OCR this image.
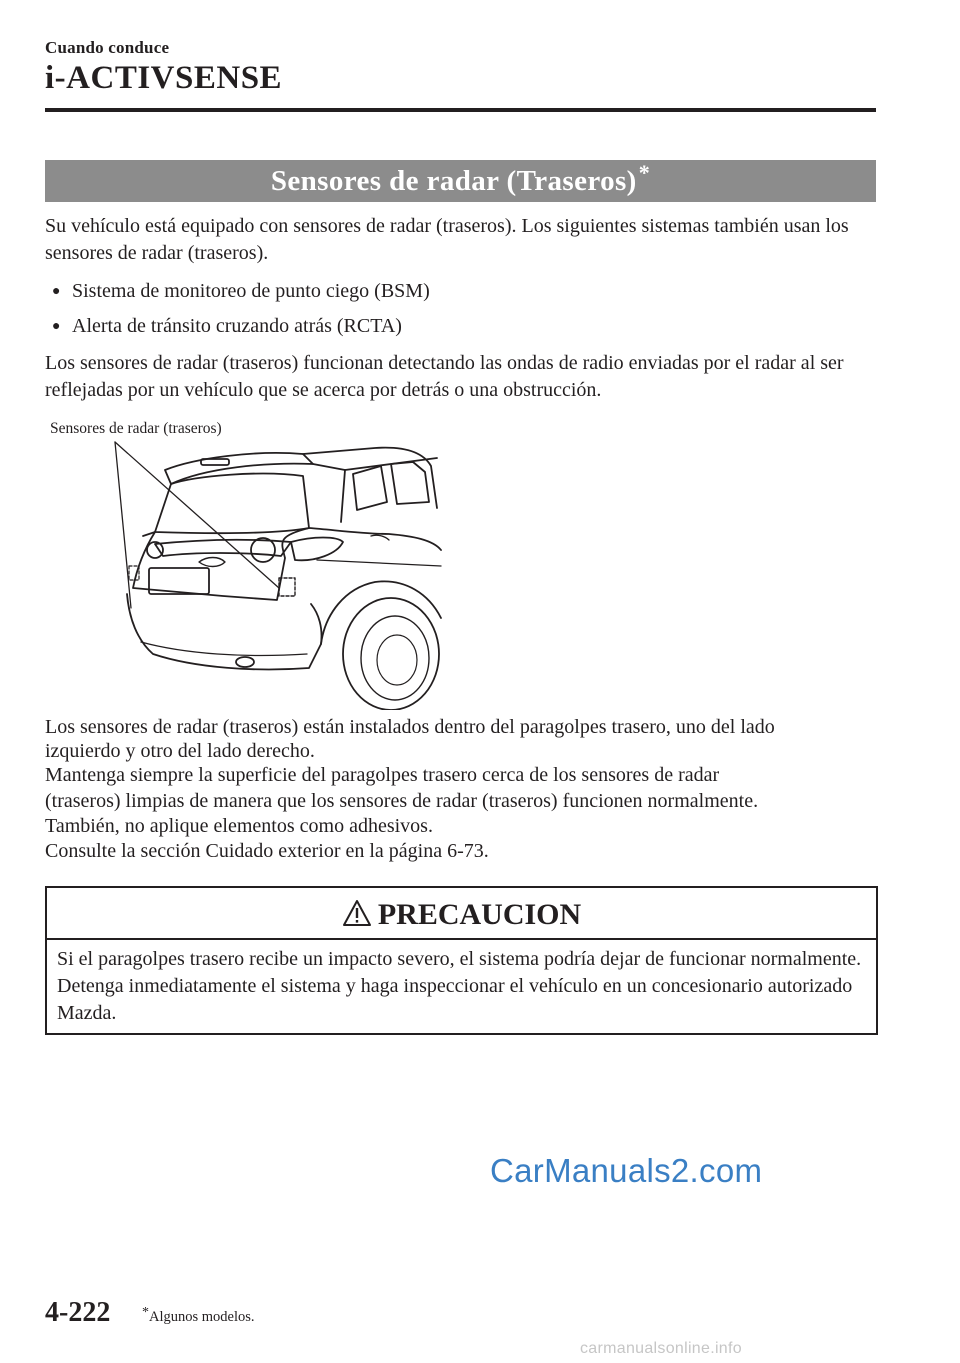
Cuando conduce
i-ACTIVSENSE
Sensores de radar (Traseros)*
Su vehículo está equipado con sensores de radar (traseros). Los siguientes sistemas también usan los sensores de radar (traseros).
● Sistema de monitoreo de punto ciego (BSM)
● Alerta de tránsito cruzando atrás (RCTA)
Los sensores de radar (traseros) funcionan detectando las ondas de radio enviadas por el radar al ser reflejadas por un vehículo que se acerca por detrás o una obstrucción.
Sensores de radar (traseros)
Los sensores de radar (traseros) están instalados dentro del paragolpes trasero, uno del lado
izquierdo y otro del lado derecho.
Mantenga siempre la superficie del paragolpes trasero cerca de los sensores de radar
(traseros) limpias de manera que los sensores de radar (traseros) funcionen normalmente.
También, no aplique elementos como adhesivos.
Consulte la sección Cuidado exterior en la página 6-73.
PRECAUCION
Si el paragolpes trasero recibe un impacto severo, el sistema podría dejar de funcionar normalmente. Detenga inmediatamente el sistema y haga inspeccionar el vehículo en un concesionario autorizado Mazda.
CarManuals2.com
4-222 *Algunos modelos.
carmanualsonline.info
